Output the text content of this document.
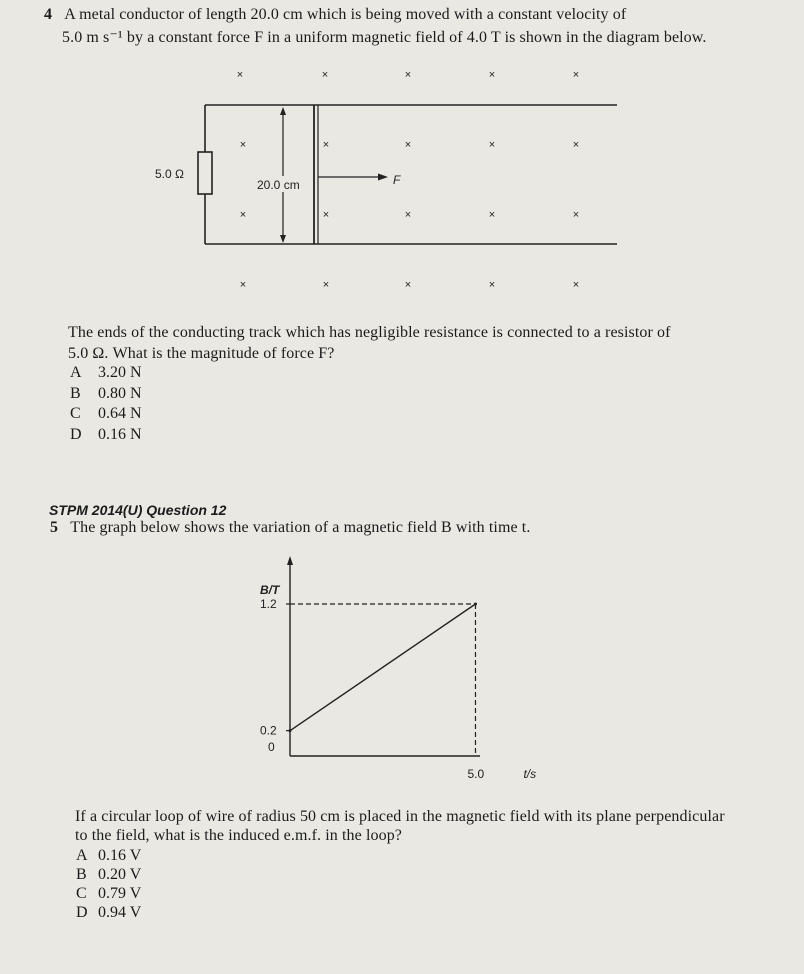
4 A metal conductor of length 20.0 cm which is being moved with a constant velocity of
5.0 m s⁻¹ by a constant force F in a uniform magnetic field of 4.0 T is shown in the diagram below.
×	×	×	×	×
×	×	×	×	×
×	×	×	×	×
×	×	×	×	×
5.0 Ω
20.0 cm	F
The ends of the conducting track which has negligible resistance is connected to a resistor of
5.0 Ω. What is the magnitude of force F?
A 3.20 N
B 0.80 N
C 0.64 N
D 0.16 N
STPM 2014(U) Question 12
5 The graph below shows the variation of a magnetic field B with time t.
B/T
t/s
0
0.2
1.2
5.0
If a circular loop of wire of radius 50 cm is placed in the magnetic field with its plane perpendicular
to the field, what is the induced e.m.f. in the loop?
A 0.16 V
B 0.20 V
C 0.79 V
D 0.94 V
